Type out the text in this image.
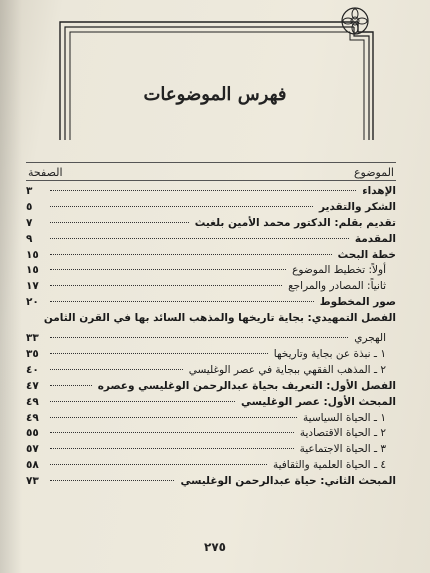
فهرس الموضوعات
الموضوع
الصفحة
الإهداء
٣
الشكر والتقدير
٥
تقديم بقلم: الدكتور محمد الأمين بلغيث
٧
المقدمة
٩
خطة البحث
١٥
أولاً: تخطيط الموضوع
١٥
ثانياً: المصادر والمراجع
١٧
صور المخطوط
٢٠
الفصل التمهيدي: بجاية تاريخها والمذهب السائد بها في القرن الثامن
الهجري
٣٣
١ ـ نبذة عن بجاية وتاريخها
٣٥
٢ ـ المذهب الفقهي ببجاية في عصر الوغليسي
٤٠
الفصل الأول: التعريف بحياة عبدالرحمن الوغليسي وعصره
٤٧
المبحث الأول: عصر الوغليسي
٤٩
١ ـ الحياة السياسية
٤٩
٢ ـ الحياة الاقتصادية
٥٥
٣ ـ الحياة الاجتماعية
٥٧
٤ ـ الحياة العلمية والثقافية
٥٨
المبحث الثاني: حياة عبدالرحمن الوغليسي
٧٣
٢٧٥
